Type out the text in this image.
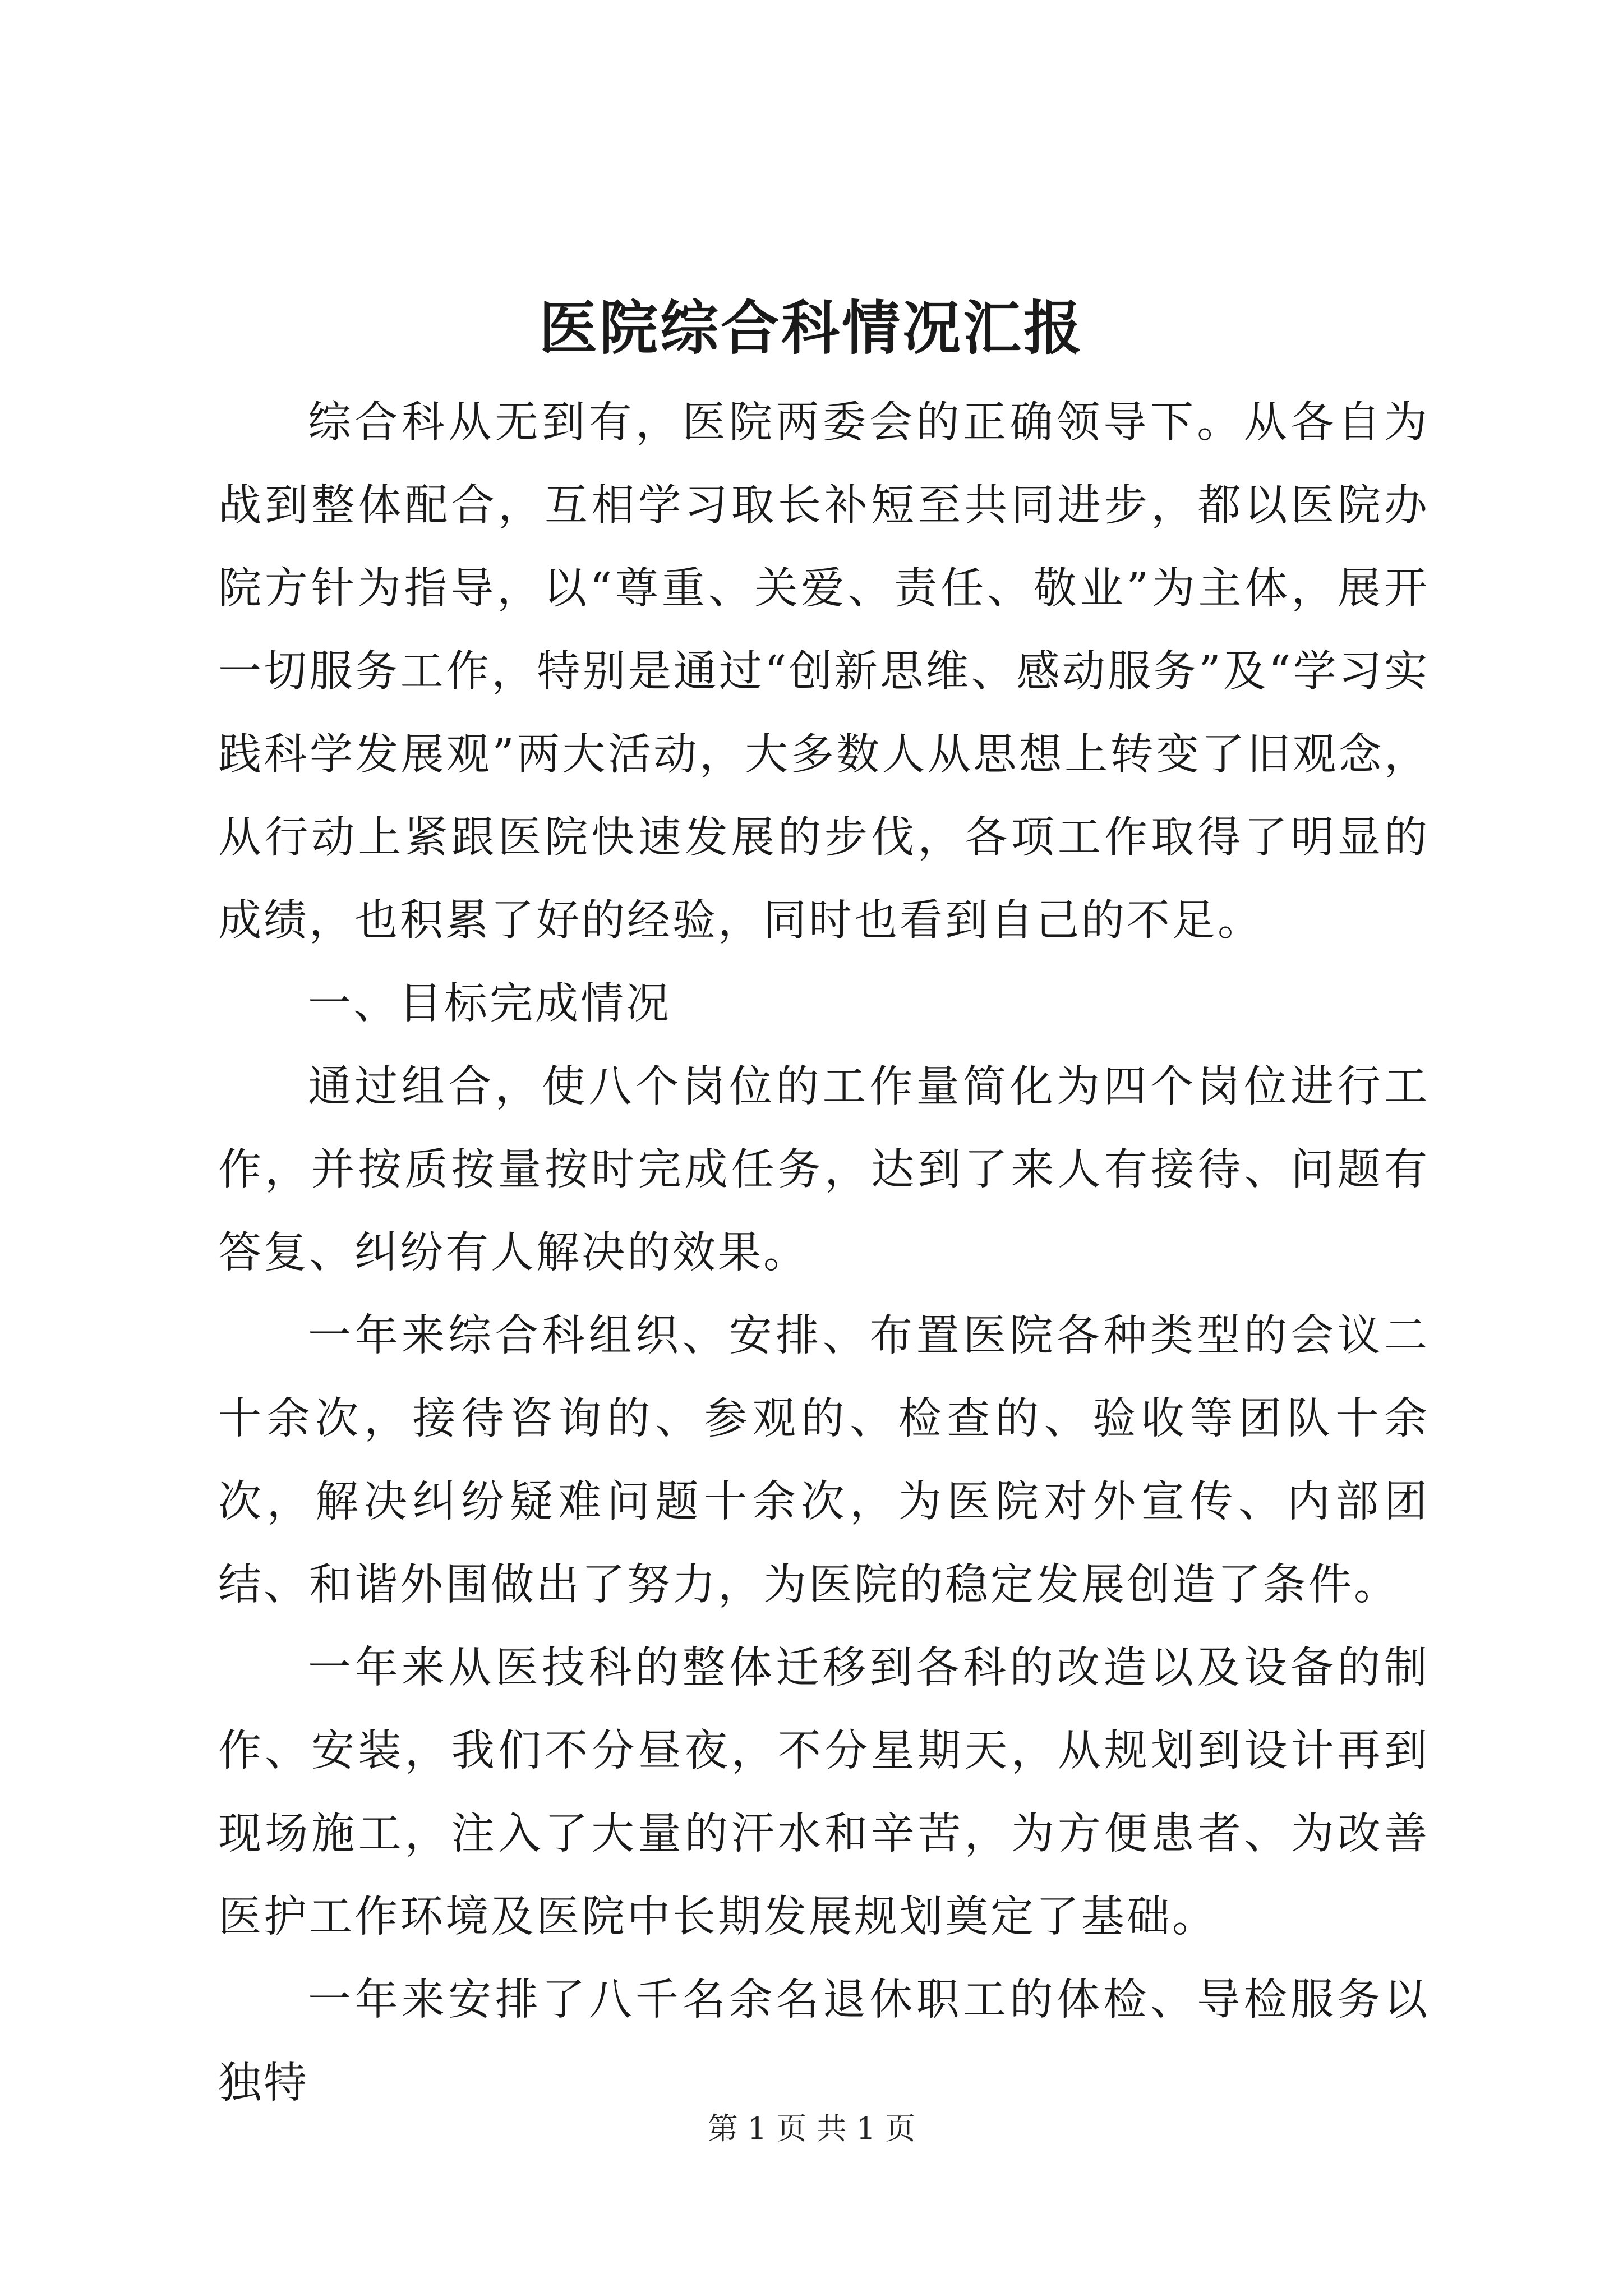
医院综合科情况汇报

综合科从无到有，医院两委会的正确领导下。从各自为战到整体配合，互相学习取长补短至共同进步，都以医院办院方针为指导，以“尊重、关爱、责任、敬业”为主体，展开一切服务工作，特别是通过“创新思维、感动服务”及“学习实践科学发展观”两大活动，大多数人从思想上转变了旧观念，从行动上紧跟医院快速发展的步伐，各项工作取得了明显的成绩，也积累了好的经验，同时也看到自己的不足。

一、目标完成情况

通过组合，使八个岗位的工作量简化为四个岗位进行工作，并按质按量按时完成任务，达到了来人有接待、问题有答复、纠纷有人解决的效果。

一年来综合科组织、安排、布置医院各种类型的会议二十余次，接待咨询的、参观的、检查的、验收等团队十余次，解决纠纷疑难问题十余次，为医院对外宣传、内部团结、和谐外围做出了努力，为医院的稳定发展创造了条件。

一年来从医技科的整体迁移到各科的改造以及设备的制作、安装，我们不分昼夜，不分星期天，从规划到设计再到现场施工，注入了大量的汗水和辛苦，为方便患者、为改善医护工作环境及医院中长期发展规划奠定了基础。

一年来安排了八千名余名退休职工的体检、导检服务以独特

第 1 页 共 1 页
